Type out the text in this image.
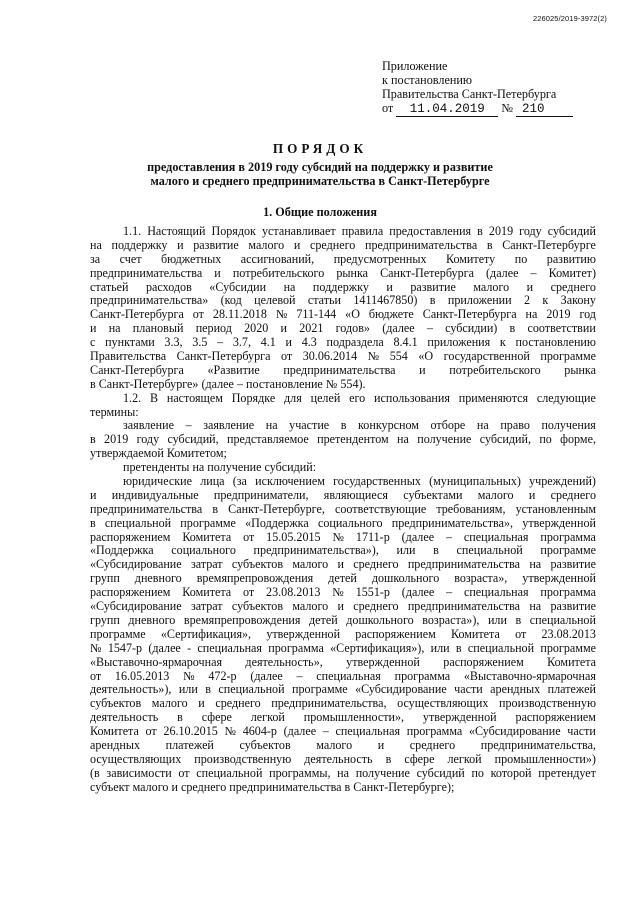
226025/2019-3972(2)
Приложение
к постановлению
Правительства Санкт-Петербурга
от 11.04.2019 № 210
ПОРЯДОК
предоставления в 2019 году субсидий на поддержку и развитие
малого и среднего предпринимательства в Санкт-Петербурге
1. Общие положения
1.1. Настоящий Порядок устанавливает правила предоставления в 2019 году субсидий
на поддержку и развитие малого и среднего предпринимательства в Санкт-Петербурге
за счет бюджетных ассигнований, предусмотренных Комитету по развитию
предпринимательства и потребительского рынка Санкт-Петербурга (далее – Комитет)
статьей расходов «Субсидии на поддержку и развитие малого и среднего
предпринимательства» (код целевой статьи 1411467850) в приложении 2 к Закону
Санкт-Петербурга от 28.11.2018 № 711-144 «О бюджете Санкт-Петербурга на 2019 год
и на плановый период 2020 и 2021 годов» (далее – субсидии) в соответствии
с пунктами 3.3, 3.5 – 3.7, 4.1 и 4.3 подраздела 8.4.1 приложения к постановлению
Правительства Санкт-Петербурга от 30.06.2014 № 554 «О государственной программе
Санкт-Петербурга «Развитие предпринимательства и потребительского рынка
в Санкт-Петербурге» (далее – постановление № 554).
1.2. В настоящем Порядке для целей его использования применяются следующие
термины:
заявление – заявление на участие в конкурсном отборе на право получения
в 2019 году субсидий, представляемое претендентом на получение субсидий, по форме,
утверждаемой Комитетом;
претенденты на получение субсидий:
юридические лица (за исключением государственных (муниципальных) учреждений)
и индивидуальные предприниматели, являющиеся субъектами малого и среднего
предпринимательства в Санкт-Петербурге, соответствующие требованиям, установленным
в специальной программе «Поддержка социального предпринимательства», утвержденной
распоряжением Комитета от 15.05.2015 № 1711-р (далее – специальная программа
«Поддержка социального предпринимательства»), или в специальной программе
«Субсидирование затрат субъектов малого и среднего предпринимательства на развитие
групп дневного времяпрепровождения детей дошкольного возраста», утвержденной
распоряжением Комитета от 23.08.2013 № 1551-р (далее – специальная программа
«Субсидирование затрат субъектов малого и среднего предпринимательства на развитие
групп дневного времяпрепровождения детей дошкольного возраста»), или в специальной
программе «Сертификация», утвержденной распоряжением Комитета от 23.08.2013
№ 1547-р (далее - специальная программа «Сертификация»), или в специальной программе
«Выставочно-ярмарочная деятельность», утвержденной распоряжением Комитета
от 16.05.2013 № 472-р (далее – специальная программа «Выставочно-ярмарочная
деятельность»), или в специальной программе «Субсидирование части арендных платежей
субъектов малого и среднего предпринимательства, осуществляющих производственную
деятельность в сфере легкой промышленности», утвержденной распоряжением
Комитета от 26.10.2015 № 4604-р (далее – специальная программа «Субсидирование части
арендных платежей субъектов малого и среднего предпринимательства,
осуществляющих производственную деятельность в сфере легкой промышленности»)
(в зависимости от специальной программы, на получение субсидий по которой претендует
субъект малого и среднего предпринимательства в Санкт-Петербурге);
